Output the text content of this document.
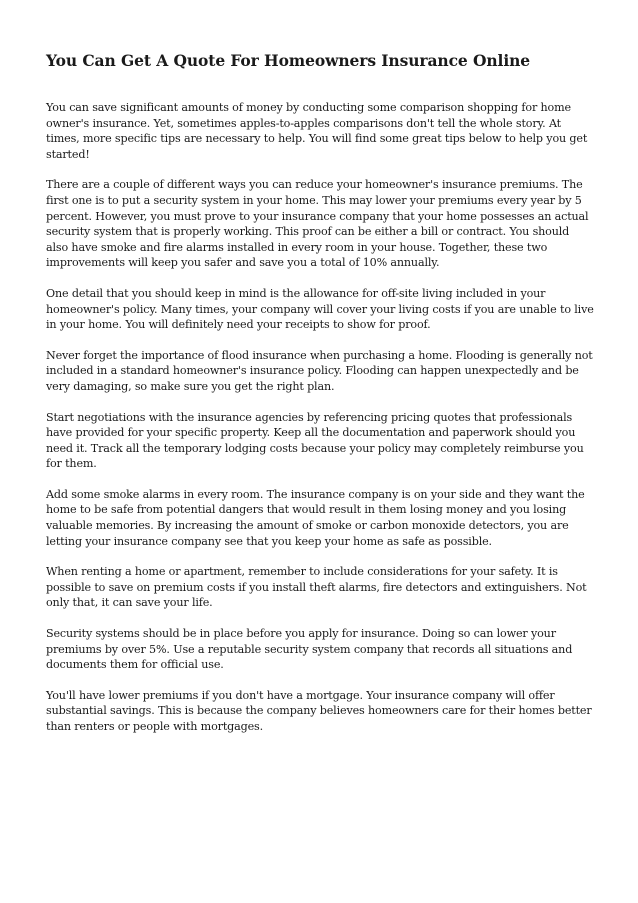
You Can Get A Quote For Homeowners Insurance Online

You can save significant amounts of money by conducting some comparison shopping for home owner's insurance. Yet, sometimes apples-to-apples comparisons don't tell the whole story. At times, more specific tips are necessary to help. You will find some great tips below to help you get started!

There are a couple of different ways you can reduce your homeowner's insurance premiums. The first one is to put a security system in your home. This may lower your premiums every year by 5 percent. However, you must prove to your insurance company that your home possesses an actual security system that is properly working. This proof can be either a bill or contract. You should also have smoke and fire alarms installed in every room in your house. Together, these two improvements will keep you safer and save you a total of 10% annually.

One detail that you should keep in mind is the allowance for off-site living included in your homeowner's policy. Many times, your company will cover your living costs if you are unable to live in your home. You will definitely need your receipts to show for proof.

Never forget the importance of flood insurance when purchasing a home. Flooding is generally not included in a standard homeowner's insurance policy. Flooding can happen unexpectedly and be very damaging, so make sure you get the right plan.

Start negotiations with the insurance agencies by referencing pricing quotes that professionals have provided for your specific property. Keep all the documentation and paperwork should you need it. Track all the temporary lodging costs because your policy may completely reimburse you for them.

Add some smoke alarms in every room. The insurance company is on your side and they want the home to be safe from potential dangers that would result in them losing money and you losing valuable memories. By increasing the amount of smoke or carbon monoxide detectors, you are letting your insurance company see that you keep your home as safe as possible.

When renting a home or apartment, remember to include considerations for your safety. It is possible to save on premium costs if you install theft alarms, fire detectors and extinguishers. Not only that, it can save your life.

Security systems should be in place before you apply for insurance. Doing so can lower your premiums by over 5%. Use a reputable security system company that records all situations and documents them for official use.

You'll have lower premiums if you don't have a mortgage. Your insurance company will offer substantial savings. This is because the company believes homeowners care for their homes better than renters or people with mortgages.
